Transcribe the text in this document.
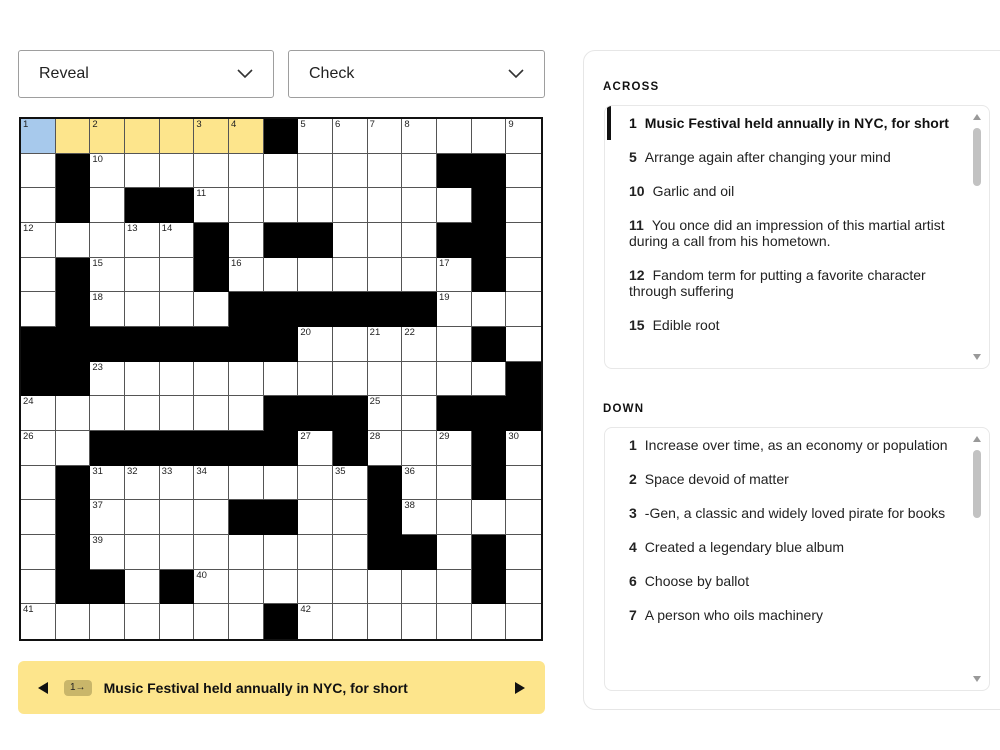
Reveal	Check
1	2	3	4	5	6	7	8	9
10
11
12	13	14
15	16	17
18	19
20	21	22
23
24	25
26	27	28	29	30
31	32	33	34	35	36
37	38
39
40
41	42
1→	Music Festival held annually in NYC, for short
ACROSS
1 Music Festival held annually in NYC, for short
5 Arrange again after changing your mind
10 Garlic and oil
11 You once did an impression of this martial artist during a call from his hometown.
12 Fandom term for putting a favorite character through suffering
15 Edible root
DOWN
1 Increase over time, as an economy or population
2 Space devoid of matter
3 -Gen, a classic and widely loved pirate for books
4 Created a legendary blue album
6 Choose by ballot
7 A person who oils machinery
